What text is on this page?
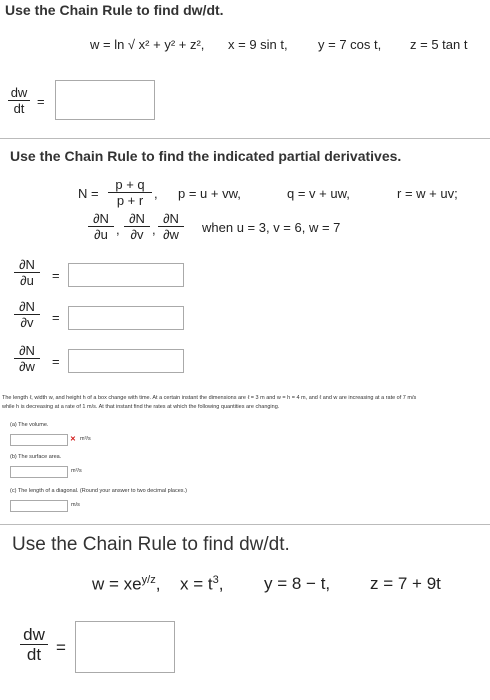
Use the Chain Rule to find dw/dt.
w = ln √ x² + y² + z², x = 9 sin t, y = 7 cos t, z = 5 tan t
dw
dt =
Use the Chain Rule to find the indicated partial derivatives.
N =
p + q
p + r , p = u + vw,	q = v + uw,	r = w + uv;
∂N
∂u ,
∂N
∂v ,
∂N
∂w	when u = 3, v = 6, w = 7
∂N
∂u	=
∂N
∂v	=
∂N
∂w	=
The length ℓ, width w, and height h of a box change with time. At a certain instant the dimensions are ℓ = 3 m and w = h = 4 m, and ℓ and w are increasing at a rate of 7 m/s
while h is decreasing at a rate of 1 m/s. At that instant find the rates at which the following quantities are changing.
(a) The volume.
✕ m³/s
(b) The surface area.
m²/s
(c) The length of a diagonal. (Round your answer to two decimal places.)
m/s
Use the Chain Rule to find dw/dt.
$w = xe^{y/z}$, $x = t^3$, y = 8 − t, z = 7 + 9t
dw
dt =
